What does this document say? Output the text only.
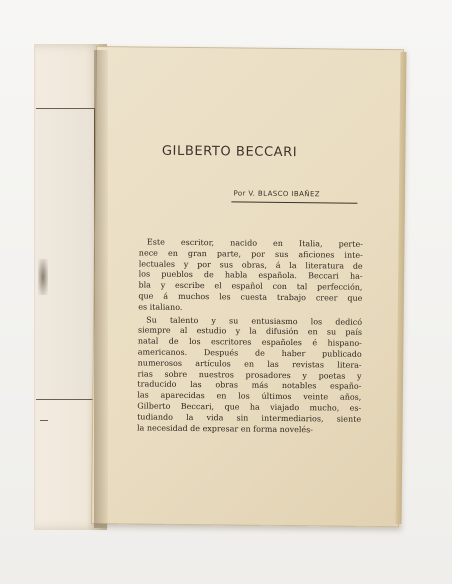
GILBERTO BECCARI
Por V. BLASCO IBAÑEZ
Este escritor, nacido en Italia, perte-
nece en gran parte, por sus aficiones inte-
lectuales y por sus obras, á la literatura de
los pueblos de habla española. Beccari ha-
bla y escribe el español con tal perfección,
que á muchos les cuesta trabajo creer que
es italiano.
Su talento y su entusiasmo los dedicó
siempre al estudio y la difusión en su país
natal de los escritores españoles é hispano-
americanos. Después de haber publicado
numerosos artículos en las revistas litera-
rias sobre nuestros prosadores y poetas y
traducido las obras más notables españo-
las aparecidas en los últimos veinte años,
Gilberto Beccari, que ha viajado mucho, es-
tudiando la vida sin intermediarios, siente
la necesidad de expresar en forma novelés-
